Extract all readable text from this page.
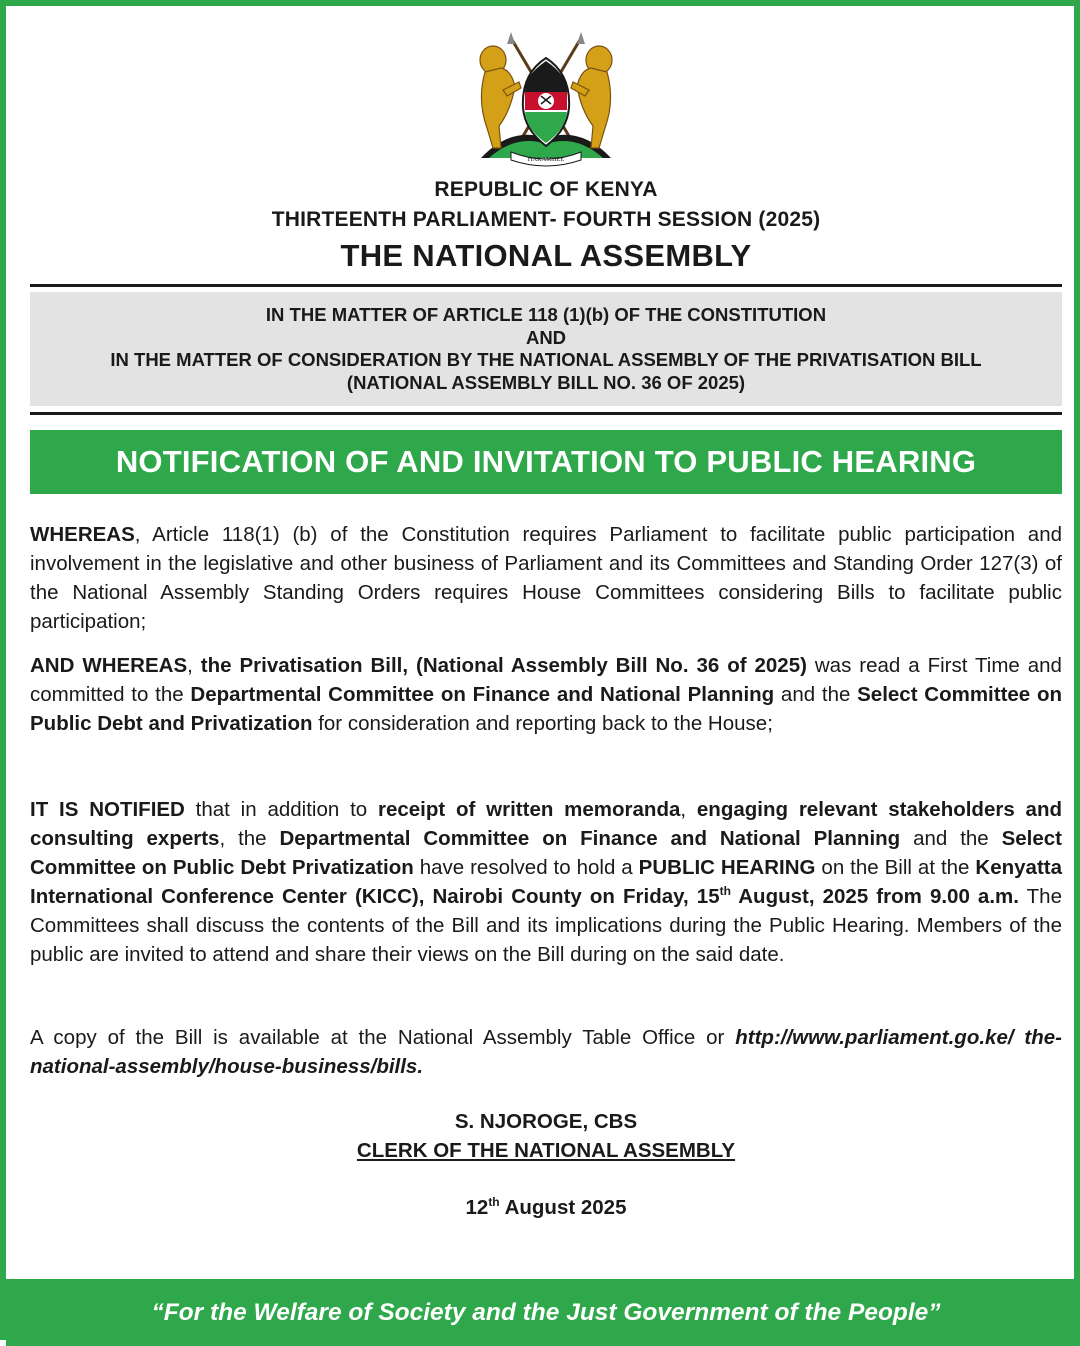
HARAMBEE
REPUBLIC OF KENYA
THIRTEENTH PARLIAMENT- FOURTH SESSION (2025)
THE NATIONAL ASSEMBLY
IN THE MATTER OF ARTICLE 118 (1)(b) OF THE CONSTITUTION
AND
IN THE MATTER OF CONSIDERATION BY THE NATIONAL ASSEMBLY OF THE PRIVATISATION BILL
(NATIONAL ASSEMBLY BILL NO. 36 OF 2025)
NOTIFICATION OF AND INVITATION TO PUBLIC HEARING

WHEREAS, Article 118(1) (b) of the Constitution requires Parliament to facilitate public participation and involvement in the legislative and other business of Parliament and its Committees and Standing Order 127(3) of the National Assembly Standing Orders requires House Committees considering Bills to facilitate public participation;

AND WHEREAS, the Privatisation Bill, (National Assembly Bill No. 36 of 2025) was read a First Time and committed to the Departmental Committee on Finance and National Planning and the Select Committee on Public Debt and Privatization for consideration and reporting back to the House;

IT IS NOTIFIED that in addition to receipt of written memoranda, engaging relevant stakeholders and consulting experts, the Departmental Committee on Finance and National Planning and the Select Committee on Public Debt Privatization have resolved to hold a PUBLIC HEARING on the Bill at the Kenyatta International Conference Center (KICC), Nairobi County on Friday, 15th August, 2025 from 9.00 a.m. The Committees shall discuss the contents of the Bill and its implications during the Public Hearing. Members of the public are invited to attend and share their views on the Bill during on the said date.

A copy of the Bill is available at the National Assembly Table Office or http://www.parliament.go.ke/ the-national-assembly/house-business/bills.

S. NJOROGE, CBS
CLERK OF THE NATIONAL ASSEMBLY
12th August 2025
“For the Welfare of Society and the Just Government of the People”
